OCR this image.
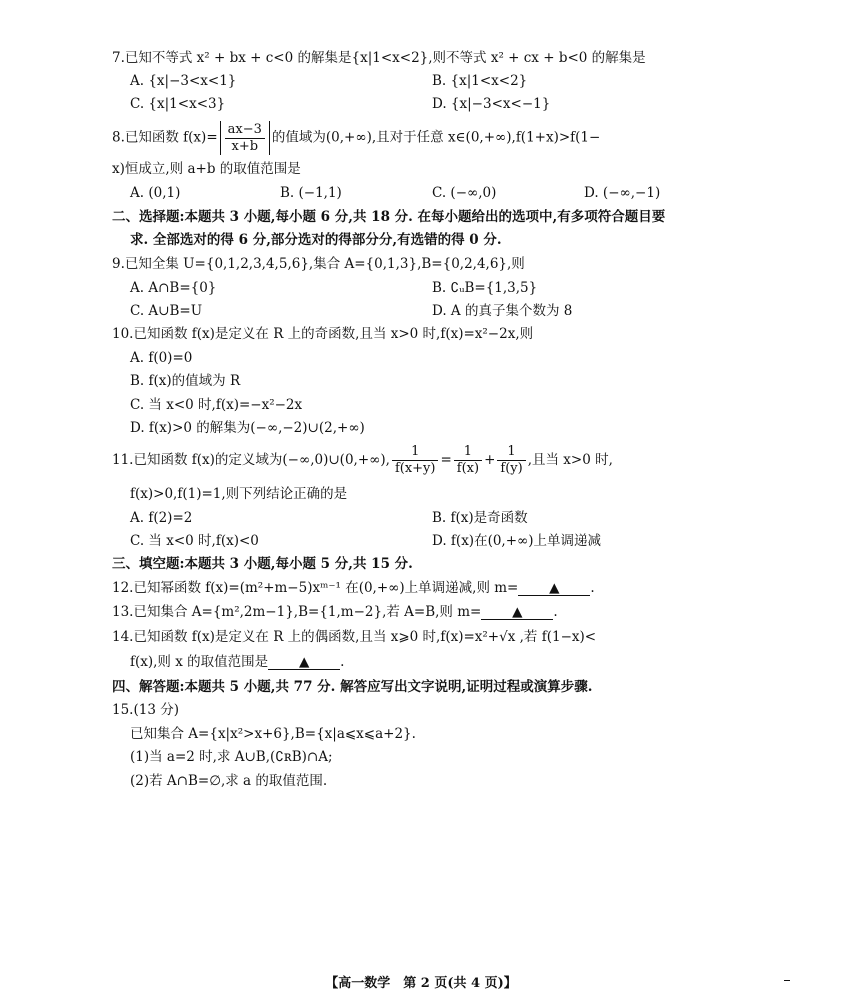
7.已知不等式 x² + bx + c<0 的解集是{x|1<x<2},则不等式 x² + cx + b<0 的解集是
A. {x|−3<x<1}	B. {x|1<x<2}
C. {x|1<x<3}	D. {x|−3<x<−1}
8.已知函数 $f(x)= \frac{ax-3}{x+b}$ 的值域为(0,+∞),且对于任意 x∈(0,+∞),f(1+x)>f(1−
x)恒成立,则 a+b 的取值范围是
A. (0,1)	B. (−1,1)	C. (−∞,0)	D. (−∞,−1)
二、选择题:本题共 3 小题,每小题 6 分,共 18 分. 在每小题给出的选项中,有多项符合题目要
求. 全部选对的得 6 分,部分选对的得部分分,有选错的得 0 分.
9.已知全集 U={0,1,2,3,4,5,6},集合 A={0,1,3},B={0,2,4,6},则
A. A∩B={0}	B. ∁ᵤB={1,3,5}
C. A∪B=U	D. A 的真子集个数为 8
10.已知函数 f(x)是定义在 R 上的奇函数,且当 x>0 时,f(x)=x²−2x,则
A. f(0)=0
B. f(x)的值域为 R
C. 当 x<0 时,f(x)=−x²−2x
D. f(x)>0 的解集为(−∞,−2)∪(2,+∞)
11.已知函数 f(x)的定义域为(−∞,0)∪(0,+∞), $\frac{1}{f(x+y)} = \frac{1}{f(x)} + \frac{1}{f(y)}$ ,且当 x>0 时,
f(x)>0,f(1)=1,则下列结论正确的是
A. f(2)=2	B. f(x)是奇函数
C. 当 x<0 时,f(x)<0	D. f(x)在(0,+∞)上单调递减
三、填空题:本题共 3 小题,每小题 5 分,共 15 分.
12.已知幂函数 f(x)=(m²+m−5)xᵐ⁻¹ 在(0,+∞)上单调递减,则 m= ▲ .
13.已知集合 A={m²,2m−1},B={1,m−2},若 A=B,则 m= ▲ .
14.已知函数 f(x)是定义在 R 上的偶函数,且当 x⩾0 时,f(x)=x²+√x ,若 f(1−x)<
f(x),则 x 的取值范围是 ▲ .
四、解答题:本题共 5 小题,共 77 分. 解答应写出文字说明,证明过程或演算步骤.
15.(13 分)
已知集合 A={x|x²>x+6},B={x|a⩽x⩽a+2}.
(1)当 a=2 时,求 A∪B,(∁ʀB)∩A;
(2)若 A∩B=∅,求 a 的取值范围.
【高一数学　第 2 页(共 4 页)】
